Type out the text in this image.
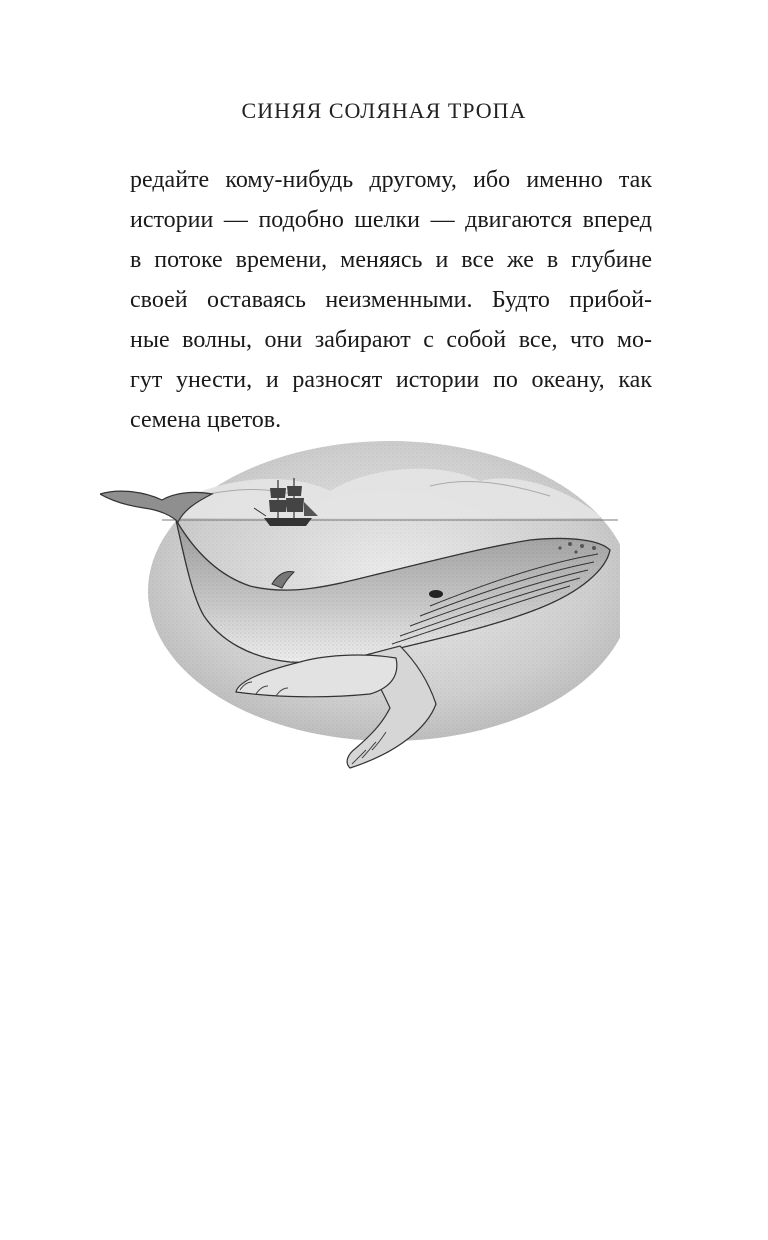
СИНЯЯ СОЛЯНАЯ ТРОПА
редайте кому-нибудь другому, ибо именно так
истории — подобно шелки — двигаются вперед
в потоке времени, меняясь и все же в глубине
своей оставаясь неизменными. Будто прибой-
ные волны, они забирают с собой все, что мо-
гут унести, и разносят истории по океану, как
семена цветов.
